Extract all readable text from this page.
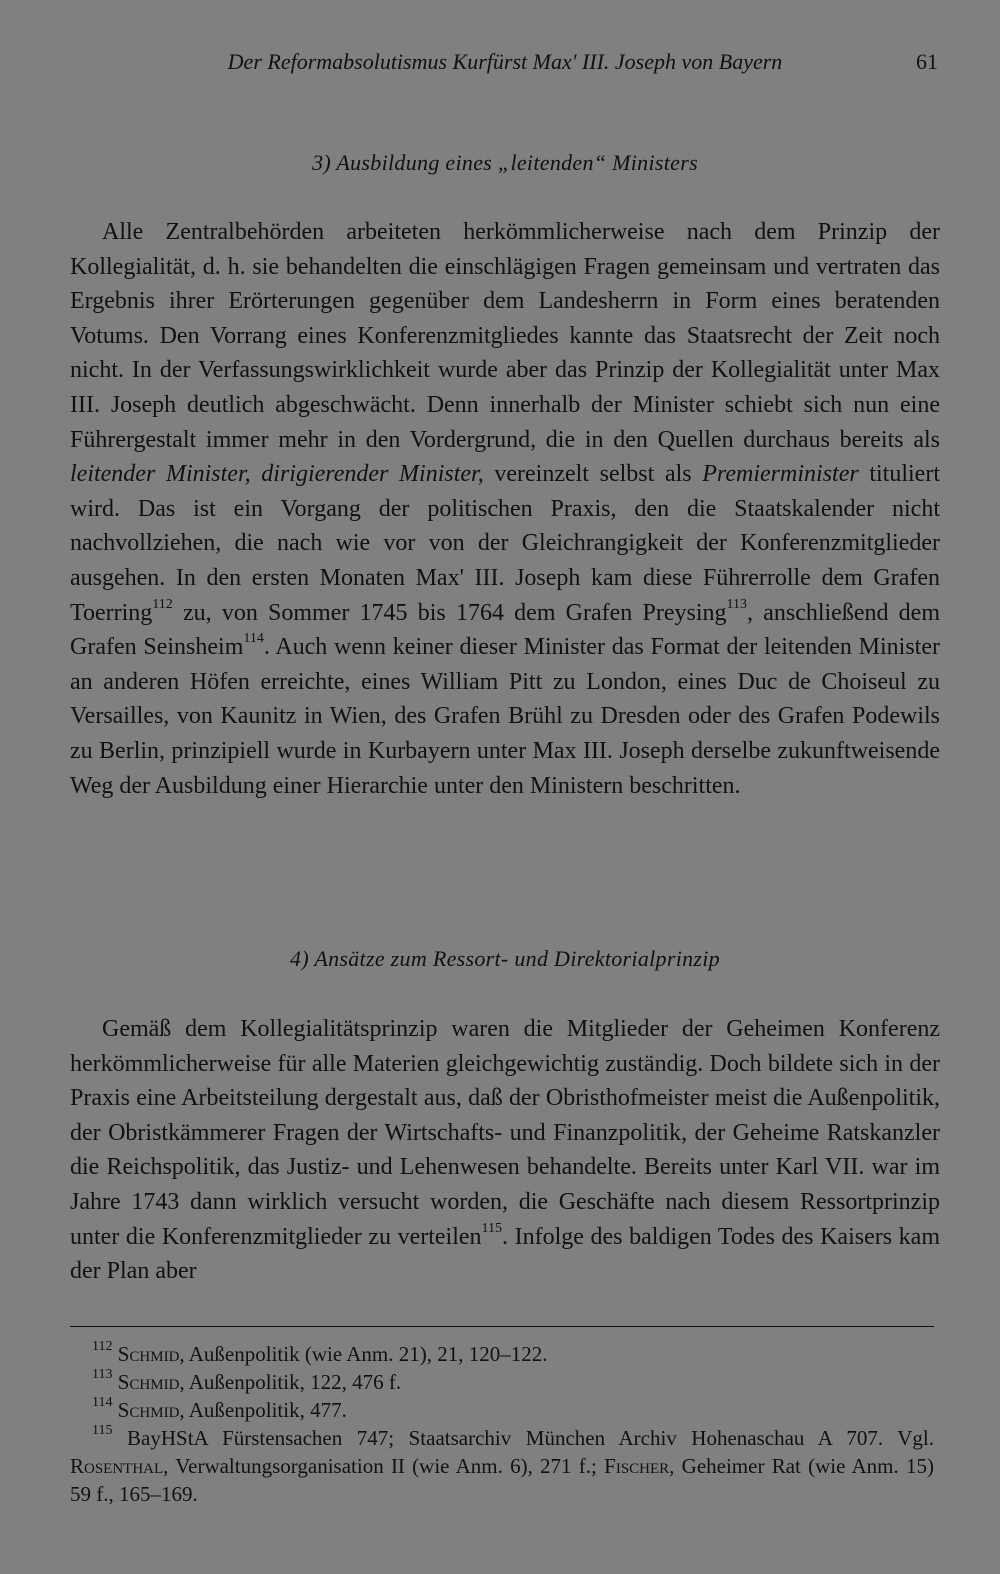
Der Reformabsolutismus Kurfürst Max' III. Joseph von Bayern	61
3) Ausbildung eines „leitenden“ Ministers

Alle Zentralbehörden arbeiteten herkömmlicherweise nach dem Prinzip der Kollegialität, d. h. sie behandelten die einschlägigen Fragen gemeinsam und vertraten das Ergebnis ihrer Erörterungen gegenüber dem Landesherrn in Form eines beratenden Votums. Den Vorrang eines Konferenzmitgliedes kannte das Staatsrecht der Zeit noch nicht. In der Verfassungswirklichkeit wurde aber das Prinzip der Kollegialität unter Max III. Joseph deutlich abgeschwächt. Denn innerhalb der Minister schiebt sich nun eine Führergestalt immer mehr in den Vordergrund, die in den Quellen durchaus bereits als leitender Minister, dirigierender Minister, vereinzelt selbst als Premierminister tituliert wird. Das ist ein Vorgang der politischen Praxis, den die Staatskalender nicht nachvollziehen, die nach wie vor von der Gleichrangigkeit der Konferenzmitglieder ausgehen. In den ersten Monaten Max' III. Joseph kam diese Führerrolle dem Grafen Toerring$^{112}$ zu, von Sommer 1745 bis 1764 dem Grafen Preysing$^{113}$, anschließend dem Grafen Seinsheim$^{114}$. Auch wenn keiner dieser Minister das Format der leitenden Minister an anderen Höfen erreichte, eines William Pitt zu London, eines Duc de Choiseul zu Versailles, von Kaunitz in Wien, des Grafen Brühl zu Dresden oder des Grafen Podewils zu Berlin, prinzipiell wurde in Kurbayern unter Max III. Joseph derselbe zukunftweisende Weg der Ausbildung einer Hierarchie unter den Ministern beschritten.

4) Ansätze zum Ressort- und Direktorialprinzip

Gemäß dem Kollegialitätsprinzip waren die Mitglieder der Geheimen Konferenz herkömmlicherweise für alle Materien gleichgewichtig zuständig. Doch bildete sich in der Praxis eine Arbeitsteilung dergestalt aus, daß der Obristhofmeister meist die Außenpolitik, der Obristkämmerer Fragen der Wirtschafts- und Finanzpolitik, der Geheime Ratskanzler die Reichspolitik, das Justiz- und Lehenwesen behandelte. Bereits unter Karl VII. war im Jahre 1743 dann wirklich versucht worden, die Geschäfte nach diesem Ressortprinzip unter die Konferenzmitglieder zu verteilen$^{115}$. Infolge des baldigen Todes des Kaisers kam der Plan aber

$^{112}$ Schmid, Außenpolitik (wie Anm. 21), 21, 120–122.

$^{113}$ Schmid, Außenpolitik, 122, 476 f.

$^{114}$ Schmid, Außenpolitik, 477.

$^{115}$ BayHStA Fürstensachen 747; Staatsarchiv München Archiv Hohenaschau A 707. Vgl. Rosenthal, Verwaltungsorganisation II (wie Anm. 6), 271 f.; Fischer, Geheimer Rat (wie Anm. 15) 59 f., 165–169.
